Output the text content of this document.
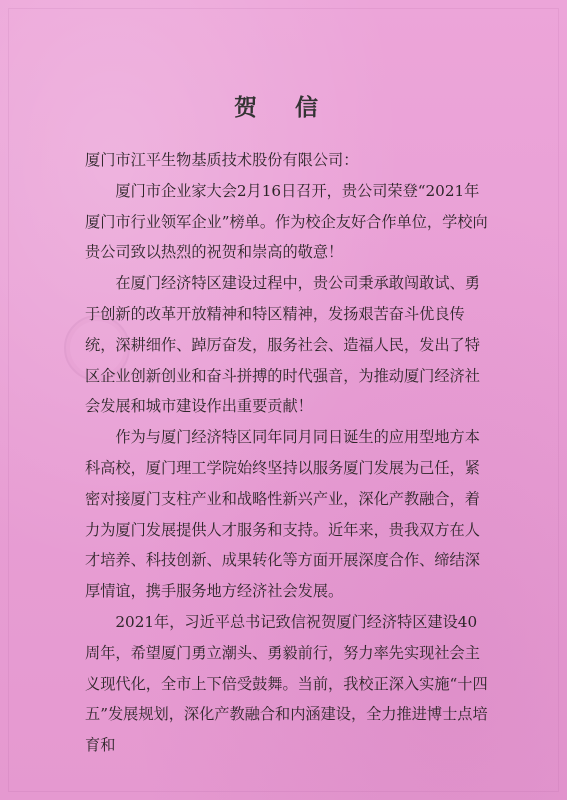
贺 信

厦门市江平生物基质技术股份有限公司：

厦门市企业家大会2月16日召开，贵公司荣登“2021年厦门市行业领军企业”榜单。作为校企友好合作单位，学校向贵公司致以热烈的祝贺和崇高的敬意！

在厦门经济特区建设过程中，贵公司秉承敢闯敢试、勇于创新的改革开放精神和特区精神，发扬艰苦奋斗优良传统，深耕细作、踔厉奋发，服务社会、造福人民，发出了特区企业创新创业和奋斗拼搏的时代强音，为推动厦门经济社会发展和城市建设作出重要贡献！

作为与厦门经济特区同年同月同日诞生的应用型地方本科高校，厦门理工学院始终坚持以服务厦门发展为己任，紧密对接厦门支柱产业和战略性新兴产业，深化产教融合，着力为厦门发展提供人才服务和支持。近年来，贵我双方在人才培养、科技创新、成果转化等方面开展深度合作、缔结深厚情谊，携手服务地方经济社会发展。

2021年，习近平总书记致信祝贺厦门经济特区建设40周年，希望厦门勇立潮头、勇毅前行，努力率先实现社会主义现代化，全市上下倍受鼓舞。当前，我校正深入实施“十四五”发展规划，深化产教融合和内涵建设，全力推进博士点培育和
